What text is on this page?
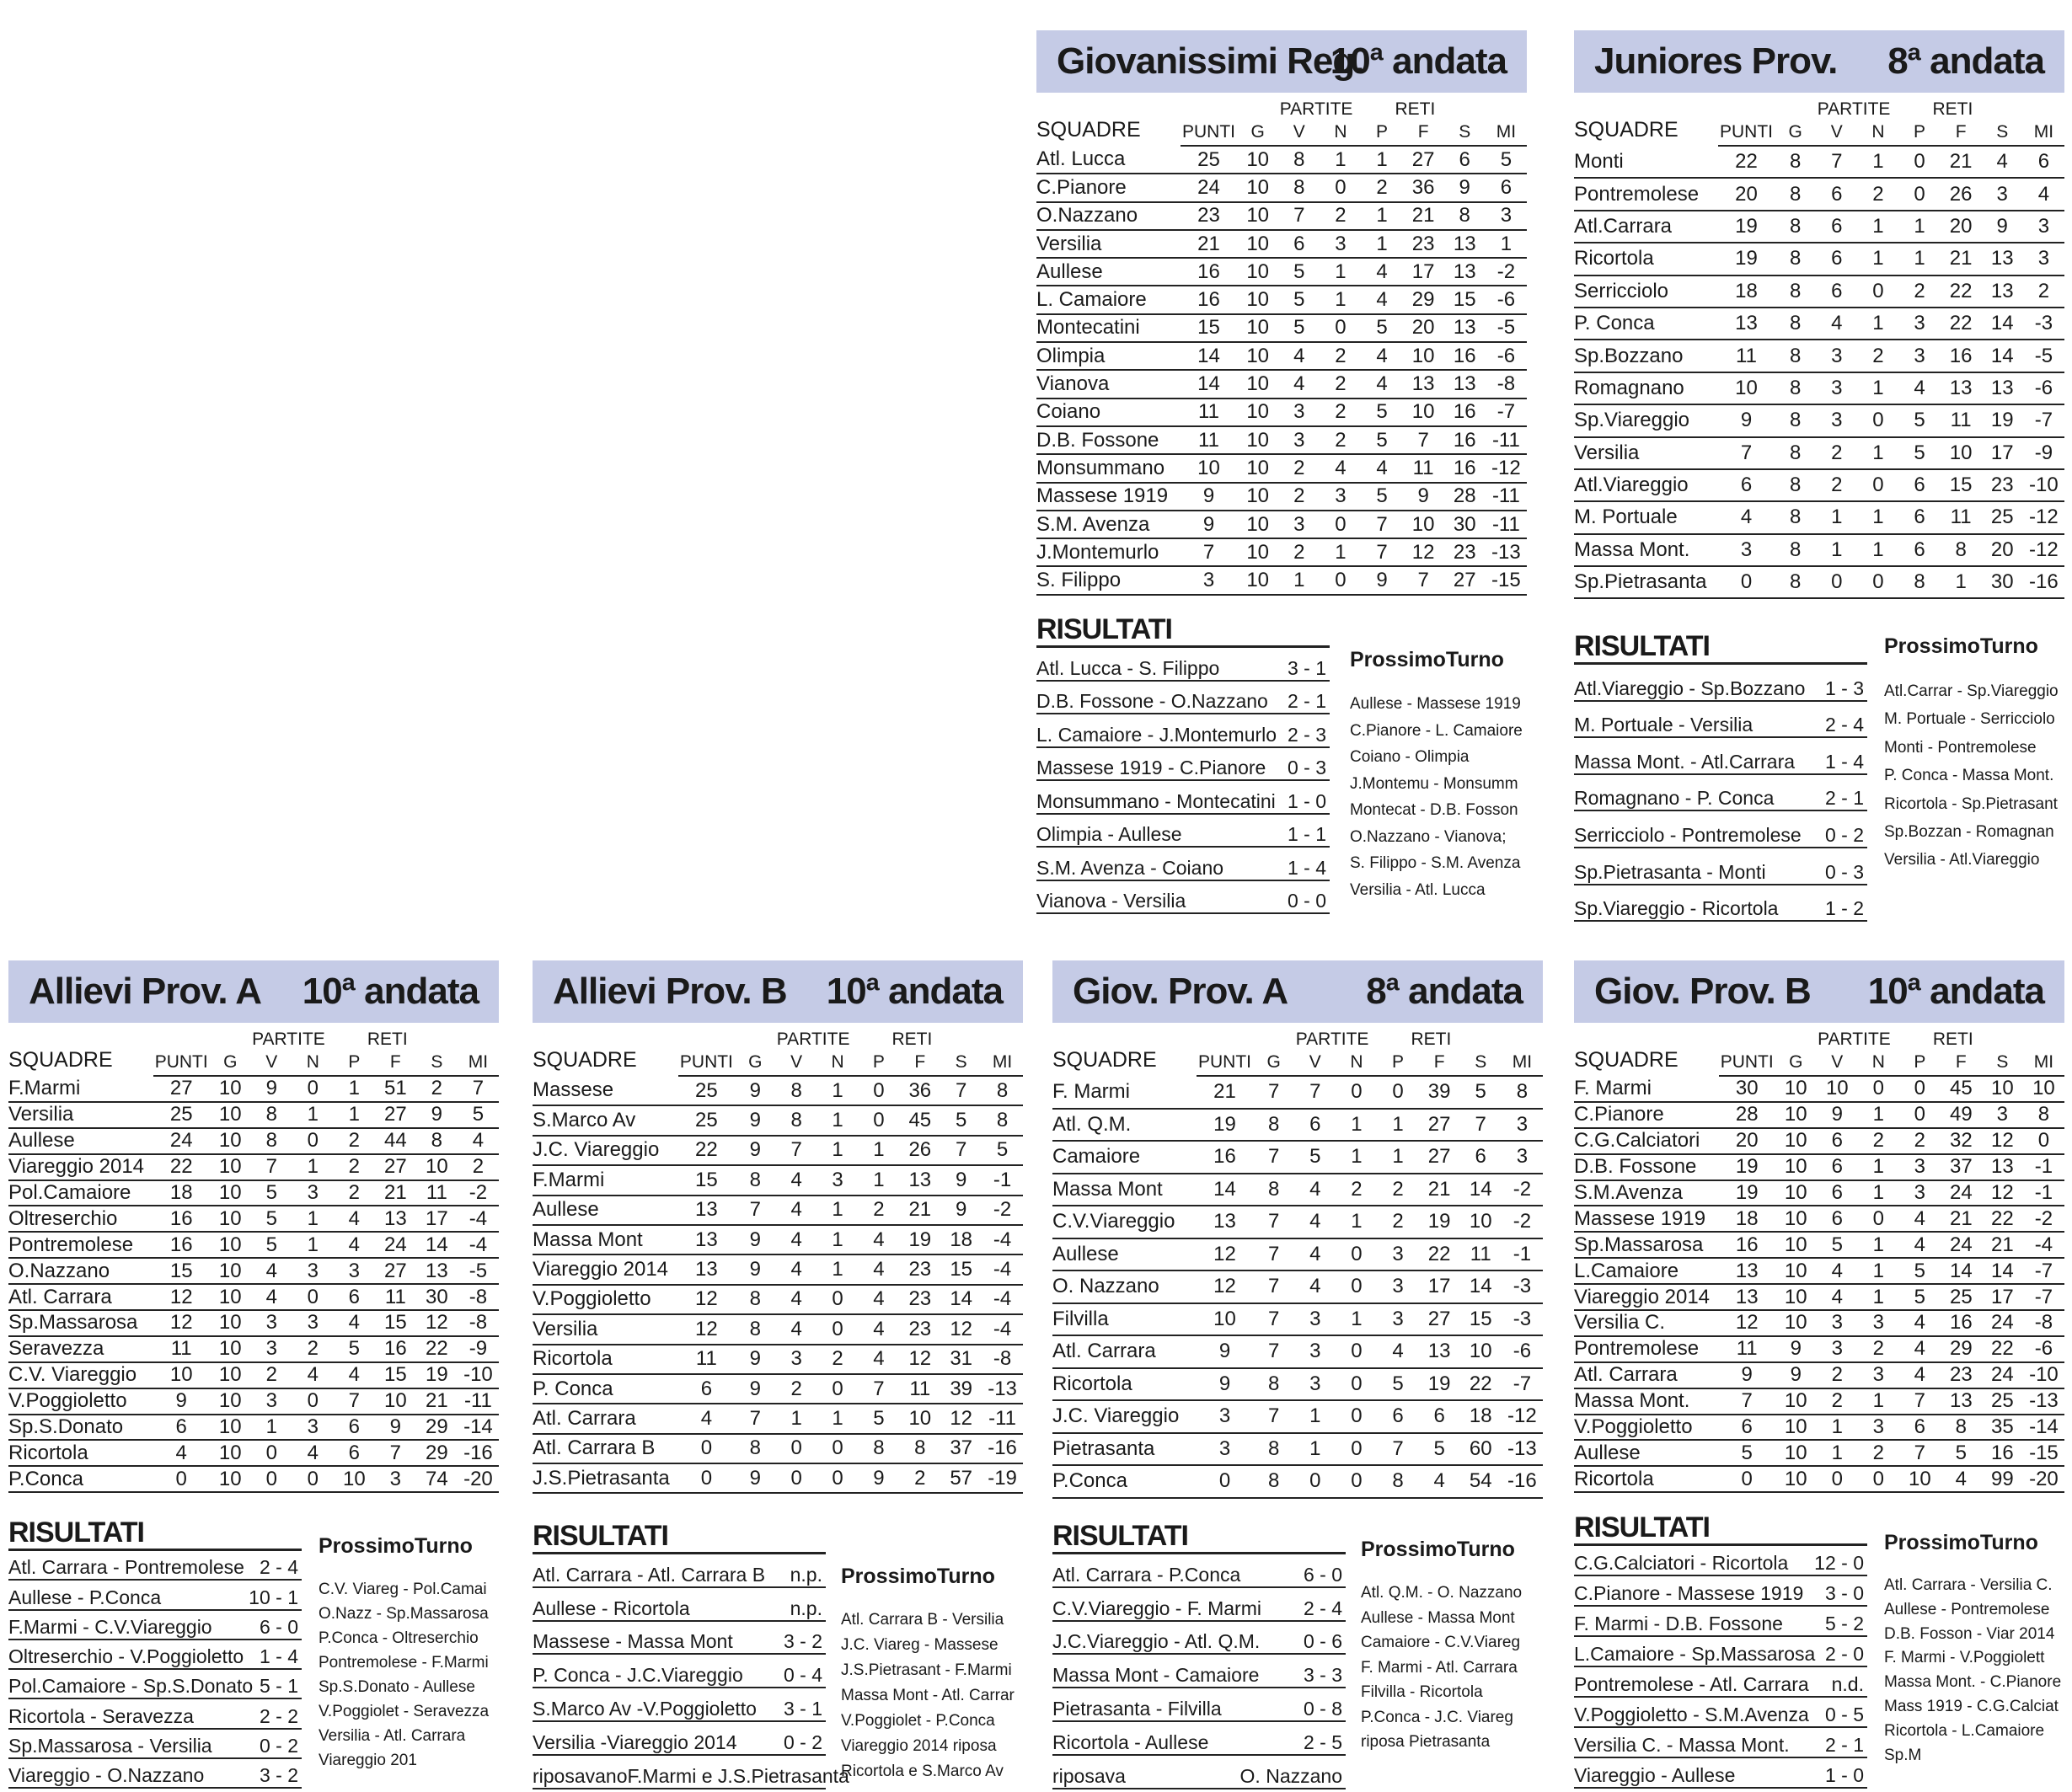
Giovanissimi Reg.
10ª andata
SQUADRE	PARTITE				RETI			
	PUNTI	G	V	N	P	F	S	MI
Atl. Lucca	25	10	8	1	1	27	6	5
C.Pianore	24	10	8	0	2	36	9	6
O.Nazzano	23	10	7	2	1	21	8	3
Versilia	21	10	6	3	1	23	13	1
Aullese	16	10	5	1	4	17	13	-2
L. Camaiore	16	10	5	1	4	29	15	-6
Montecatini	15	10	5	0	5	20	13	-5
Olimpia	14	10	4	2	4	10	16	-6
Vianova	14	10	4	2	4	13	13	-8
Coiano	11	10	3	2	5	10	16	-7
D.B. Fossone	11	10	3	2	5	7	16	-11
Monsummano	10	10	2	4	4	11	16	-12
Massese 1919	9	10	2	3	5	9	28	-11
S.M. Avenza	9	10	3	0	7	10	30	-11
J.Montemurlo	7	10	2	1	7	12	23	-13
S. Filippo	3	10	1	0	9	7	27	-15
RISULTATI
Atl. Lucca - S. Filippo	3 - 1
D.B. Fossone - O.Nazzano 2 - 1
L. Camaiore - J.Montemurlo 2 - 3
Massese 1919 - C.Pianore 0 - 3
Monsummano - Montecatini 1 - 0
Olimpia - Aullese	1 - 1
S.M. Avenza - Coiano	1 - 4
Vianova - Versilia	0 - 0
ProssimoTurno
Aullese - Massese 1919
C.Pianore - L. Camaiore
Coiano - Olimpia
J.Montemu - Monsumm
Montecat - D.B. Fosson
O.Nazzano - Vianova;
S. Filippo - S.M. Avenza
Versilia - Atl. Lucca
Juniores Prov. 8ª andata
SQUADRE	PARTITE				RETI			
	PUNTI	G	V	N	P	F	S	MI
Monti	22	8	7	1	0	21	4	6
Pontremolese	20	8	6	2	0	26	3	4
Atl.Carrara	19	8	6	1	1	20	9	3
Ricortola	19	8	6	1	1	21	13	3
Serricciolo	18	8	6	0	2	22	13	2
P. Conca	13	8	4	1	3	22	14	-3
Sp.Bozzano	11	8	3	2	3	16	14	-5
Romagnano	10	8	3	1	4	13	13	-6
Sp.Viareggio	9	8	3	0	5	11	19	-7
Versilia	7	8	2	1	5	10	17	-9
Atl.Viareggio	6	8	2	0	6	15	23	-10
M. Portuale	4	8	1	1	6	11	25	-12
Massa Mont.	3	8	1	1	6	8	20	-12
Sp.Pietrasanta	0	8	0	0	8	1	30	-16
RISULTATI
Atl.Viareggio - Sp.Bozzano 1 - 3
M. Portuale - Versilia	2 - 4
Massa Mont. - Atl.Carrara 1 - 4
Romagnano - P. Conca	2 - 1
Serricciolo - Pontremolese 0 - 2
Sp.Pietrasanta - Monti	0 - 3
Sp.Viareggio - Ricortola 1 - 2
ProssimoTurno
Atl.Carrar - Sp.Viareggio
M. Portuale - Serricciolo
Monti - Pontremolese
P. Conca - Massa Mont.
Ricortola - Sp.Pietrasant
Sp.Bozzan - Romagnan
Versilia - Atl.Viareggio
Allievi Prov. A 10ª andata
SQUADRE	PARTITE				RETI			
	PUNTI	G	V	N	P	F	S	MI
F.Marmi	27	10	9	0	1	51	2	7
Versilia	25	10	8	1	1	27	9	5
Aullese	24	10	8	0	2	44	8	4
Viareggio 2014	22	10	7	1	2	27	10	2
Pol.Camaiore	18	10	5	3	2	21	11	-2
Oltreserchio	16	10	5	1	4	13	17	-4
Pontremolese	16	10	5	1	4	24	14	-4
O.Nazzano	15	10	4	3	3	27	13	-5
Atl. Carrara	12	10	4	0	6	11	30	-8
Sp.Massarosa	12	10	3	3	4	15	12	-8
Seravezza	11	10	3	2	5	16	22	-9
C.V. Viareggio	10	10	2	4	4	15	19	-10
V.Poggioletto	9	10	3	0	7	10	21	-11
Sp.S.Donato	6	10	1	3	6	9	29	-14
Ricortola	4	10	0	4	6	7	29	-16
P.Conca	0	10	0	0	10	3	74	-20
RISULTATI
Atl. Carrara - Pontremolese 2 - 4
Aullese - P.Conca	10 - 1
F.Marmi - C.V.Viareggio 6 - 0
Oltreserchio - V.Poggioletto 1 - 4
Pol.Camaiore - Sp.S.Donato 5 - 1
Ricortola - Seravezza	2 - 2
Sp.Massarosa - Versilia 0 - 2
Viareggio - O.Nazzano	3 - 2
ProssimoTurno
C.V. Viareg - Pol.Camai
O.Nazz - Sp.Massarosa
P.Conca - Oltreserchio
Pontremolese - F.Marmi
Sp.S.Donato - Aullese
V.Poggiolet - Seravezza
Versilia - Atl. Carrara
Viareggio 201
Allievi Prov. B 10ª andata
SQUADRE	PARTITE				RETI			
	PUNTI	G	V	N	P	F	S	MI
Massese	25	9	8	1	0	36	7	8
S.Marco Av	25	9	8	1	0	45	5	8
J.C. Viareggio	22	9	7	1	1	26	7	5
F.Marmi	15	8	4	3	1	13	9	-1
Aullese	13	7	4	1	2	21	9	-2
Massa Mont	13	9	4	1	4	19	18	-4
Viareggio 2014	13	9	4	1	4	23	15	-4
V.Poggioletto	12	8	4	0	4	23	14	-4
Versilia	12	8	4	0	4	23	12	-4
Ricortola	11	9	3	2	4	12	31	-8
P. Conca	6	9	2	0	7	11	39	-13
Atl. Carrara	4	7	1	1	5	10	12	-11
Atl. Carrara B	0	8	0	0	8	8	37	-16
J.S.Pietrasanta	0	9	0	0	9	2	57	-19
RISULTATI
Atl. Carrara - Atl. Carrara B n.p.
Aullese - Ricortola	n.p.
Massese - Massa Mont	3 - 2
P. Conca - J.C.Viareggio 0 - 4
S.Marco Av -V.Poggioletto 3 - 1
Versilia -Viareggio 2014 0 - 2
riposavano F.Marmi e J.S.Pietrasanta
ProssimoTurno
Atl. Carrara B - Versilia
J.C. Viareg - Massese
J.S.Pietrasant - F.Marmi
Massa Mont - Atl. Carrar
V.Poggiolet - P.Conca
Viareggio 2014 riposa
Ricortola e S.Marco Av
Giov. Prov. A 8ª andata
SQUADRE	PARTITE				RETI			
	PUNTI	G	V	N	P	F	S	MI
F. Marmi	21	7	7	0	0	39	5	8
Atl. Q.M.	19	8	6	1	1	27	7	3
Camaiore	16	7	5	1	1	27	6	3
Massa Mont	14	8	4	2	2	21	14	-2
C.V.Viareggio	13	7	4	1	2	19	10	-2
Aullese	12	7	4	0	3	22	11	-1
O. Nazzano	12	7	4	0	3	17	14	-3
Filvilla	10	7	3	1	3	27	15	-3
Atl. Carrara	9	7	3	0	4	13	10	-6
Ricortola	9	8	3	0	5	19	22	-7
J.C. Viareggio	3	7	1	0	6	6	18	-12
Pietrasanta	3	8	1	0	7	5	60	-13
P.Conca	0	8	0	0	8	4	54	-16
RISULTATI
Atl. Carrara - P.Conca	6 - 0
C.V.Viareggio - F. Marmi 2 - 4
J.C.Viareggio - Atl. Q.M. 0 - 6
Massa Mont - Camaiore 3 - 3
Pietrasanta - Filvilla	0 - 8
Ricortola - Aullese	2 - 5
riposava	O. Nazzano
ProssimoTurno
Atl. Q.M. - O. Nazzano
Aullese - Massa Mont
Camaiore - C.V.Viareg
F. Marmi - Atl. Carrara
Filvilla - Ricortola
P.Conca - J.C. Viareg
riposa Pietrasanta
Giov. Prov. B 10ª andata
SQUADRE	PARTITE				RETI			
	PUNTI	G	V	N	P	F	S	MI
F. Marmi	30	10	10	0	0	45	10	10
C.Pianore	28	10	9	1	0	49	3	8
C.G.Calciatori	20	10	6	2	2	32	12	0
D.B. Fossone	19	10	6	1	3	37	13	-1
S.M.Avenza	19	10	6	1	3	24	12	-1
Massese 1919	18	10	6	0	4	21	22	-2
Sp.Massarosa	16	10	5	1	4	24	21	-4
L.Camaiore	13	10	4	1	5	14	14	-7
Viareggio 2014	13	10	4	1	5	25	17	-7
Versilia C.	12	10	3	3	4	16	24	-8
Pontremolese	11	9	3	2	4	29	22	-6
Atl. Carrara	9	9	2	3	4	23	24	-10
Massa Mont.	7	10	2	1	7	13	25	-13
V.Poggioletto	6	10	1	3	6	8	35	-14
Aullese	5	10	1	2	7	5	16	-15
Ricortola	0	10	0	0	10	4	99	-20
RISULTATI
C.G.Calciatori - Ricortola 12 - 0
C.Pianore - Massese 1919 3 - 0
F. Marmi - D.B. Fossone 5 - 2
L.Camaiore - Sp.Massarosa 2 - 0
Pontremolese - Atl. Carrara n.d.
V.Poggioletto - S.M.Avenza 0 - 5
Versilia C. - Massa Mont. 2 - 1
Viareggio - Aullese	1 - 0
ProssimoTurno
Atl. Carrara - Versilia C.
Aullese - Pontremolese
D.B. Fosson - Viar 2014
F. Marmi - V.Poggiolett
Massa Mont. - C.Pianore
Mass 1919 - C.G.Calciat
Ricortola - L.Camaiore
Sp.M
